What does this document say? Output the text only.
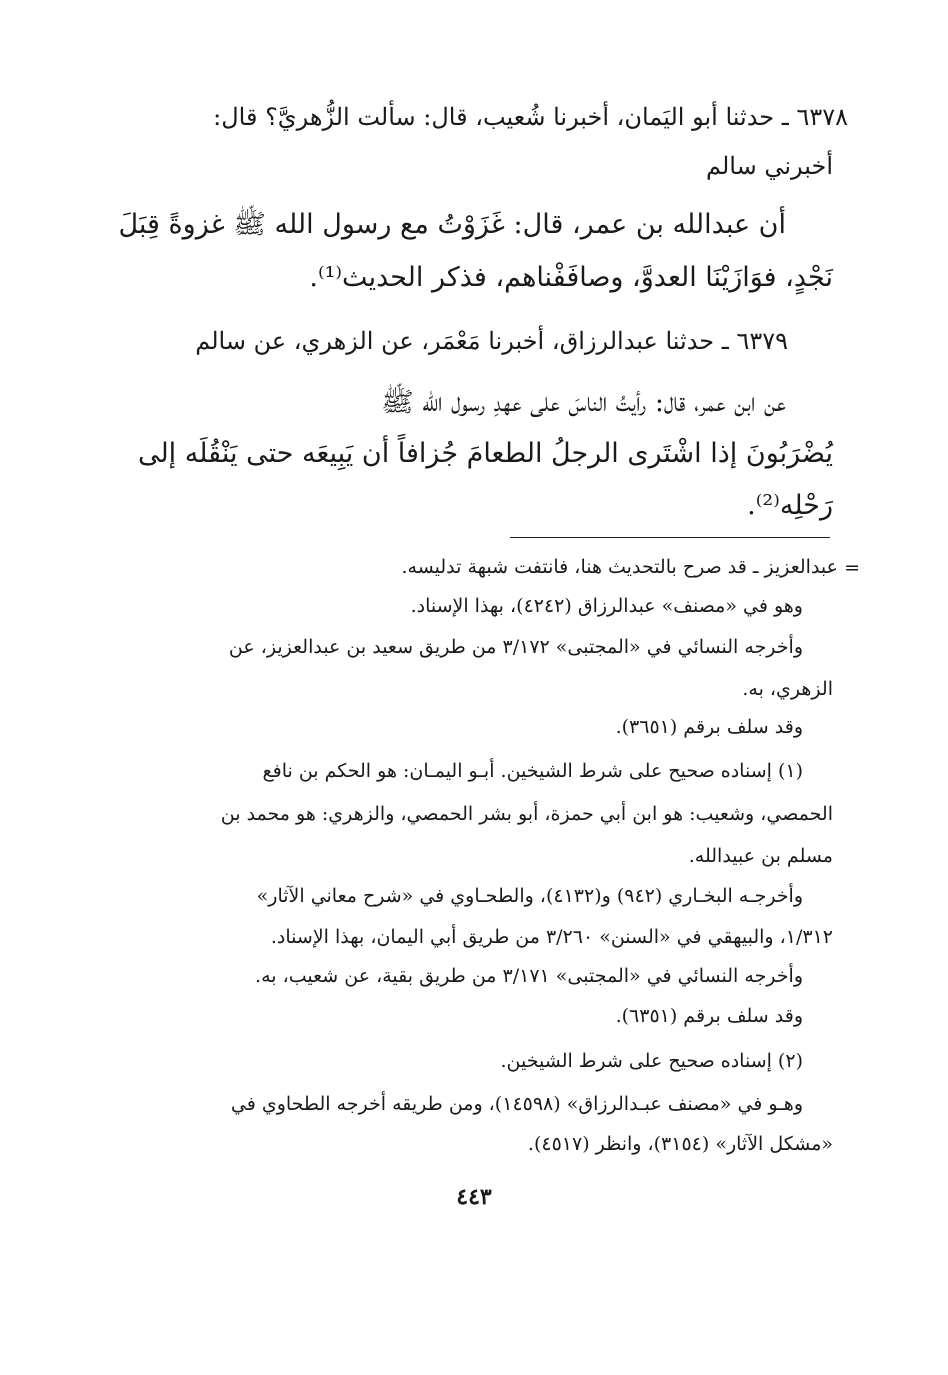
٦٣٧٨ ـ حدثنا أبو اليَمان، أخبرنا شُعيب، قال: سألت الزُّهريَّ؟ قال:

أخبرني سالم

أن عبدالله بن عمر، قال: غَزَوْتُ مع رسول الله ﷺ غزوةً قِبَلَ

نَجْدٍ، فوَازَيْنَا العدوَّ، وصافَفْناهم، فذكر الحديث⁽¹⁾.

٦٣٧٩ ـ حدثنا عبدالرزاق، أخبرنا مَعْمَر، عن الزهري، عن سالم

عن ابن عمر، قال: رأيتُ الناسَ على عهدِ رسول الله ﷺ

يُضْرَبُونَ إذا اشْتَرى الرجلُ الطعامَ جُزافاً أن يَبِيعَه حتى يَنْقُلَه إلى

رَحْلِه⁽²⁾.

=

عبدالعزيز ـ قد صرح بالتحديث هنا، فانتفت شبهة تدليسه.

وهو في «مصنف» عبدالرزاق (٤٢٤٢)، بهذا الإسناد.

وأخرجه النسائي في «المجتبى» ٣/١٧٢ من طريق سعيد بن عبدالعزيز، عن

الزهري، به.

وقد سلف برقم (٣٦٥١).

(١) إسناده صحيح على شرط الشيخين. أبـو اليمـان: هو الحكم بن نافع

الحمصي، وشعيب: هو ابن أبي حمزة، أبو بشر الحمصي، والزهري: هو محمد بن

مسلم بن عبيدالله.

وأخرجـه البخـاري (٩٤٢) و(٤١٣٢)، والطحـاوي في «شرح معاني الآثار»

١/٣١٢، والبيهقي في «السنن» ٣/٢٦٠ من طريق أبي اليمان، بهذا الإسناد.

وأخرجه النسائي في «المجتبى» ٣/١٧١ من طريق بقية، عن شعيب، به.

وقد سلف برقم (٦٣٥١).

(٢) إسناده صحيح على شرط الشيخين.

وهـو في «مصنف عبـدالرزاق» (١٤٥٩٨)، ومن طريقه أخرجه الطحاوي في

«مشكل الآثار» (٣١٥٤)، وانظر (٤٥١٧).

٤٤٣
